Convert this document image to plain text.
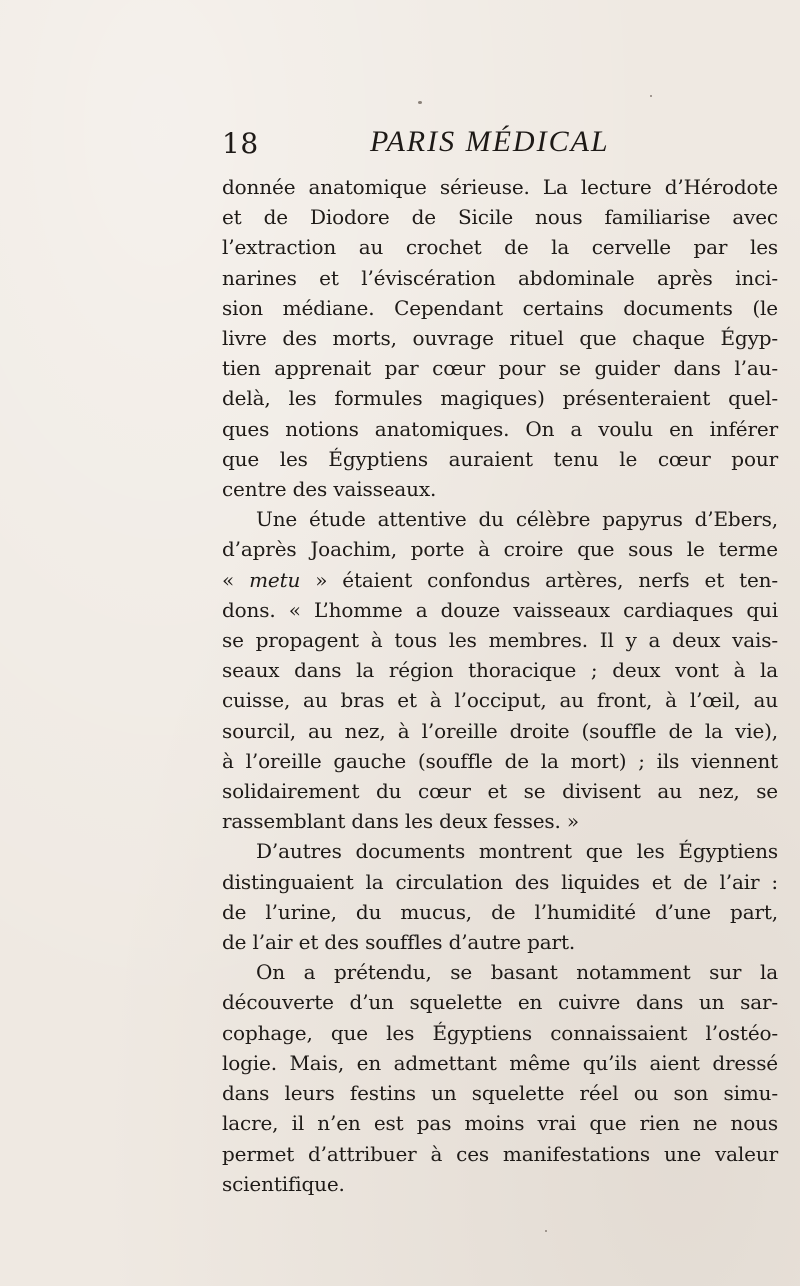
18	PARIS MÉDICAL

donnée anatomique sérieuse. La lecture d’Hérodote
et de Diodore de Sicile nous familiarise avec
l’extraction au crochet de la cervelle par les
narines et l’éviscération abdominale après inci-
sion médiane. Cependant certains documents (le
livre des morts, ouvrage rituel que chaque Égyp-
tien apprenait par cœur pour se guider dans l’au-
delà, les formules magiques) présenteraient quel-
ques notions anatomiques. On a voulu en inférer
que les Égyptiens auraient tenu le cœur pour
centre des vaisseaux.

Une étude attentive du célèbre papyrus d’Ebers,
d’après Joachim, porte à croire que sous le terme
« metu » étaient confondus artères, nerfs et ten-
dons. « L’homme a douze vaisseaux cardiaques qui
se propagent à tous les membres. Il y a deux vais-
seaux dans la région thoracique ; deux vont à la
cuisse, au bras et à l’occiput, au front, à l’œil, au
sourcil, au nez, à l’oreille droite (souffle de la vie),
à l’oreille gauche (souffle de la mort) ; ils viennent
solidairement du cœur et se divisent au nez, se
rassemblant dans les deux fesses. »

D’autres documents montrent que les Égyptiens
distinguaient la circulation des liquides et de l’air :
de l’urine, du mucus, de l’humidité d’une part,
de l’air et des souffles d’autre part.

On a prétendu, se basant notamment sur la
découverte d’un squelette en cuivre dans un sar-
cophage, que les Égyptiens connaissaient l’ostéo-
logie. Mais, en admettant même qu’ils aient dressé
dans leurs festins un squelette réel ou son simu-
lacre, il n’en est pas moins vrai que rien ne nous
permet d’attribuer à ces manifestations une valeur
scientifique.
